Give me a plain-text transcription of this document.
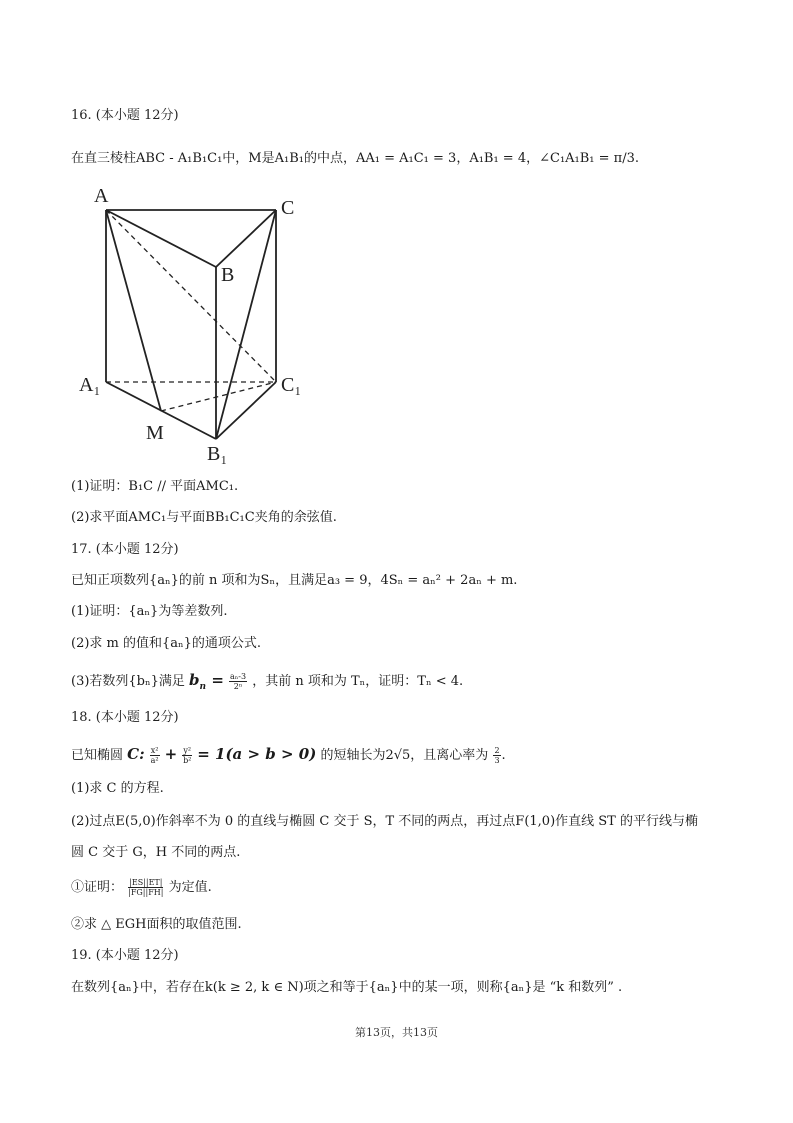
16. (本小题 12分)
在直三棱柱ABC - A₁B₁C₁中，M是A₁B₁的中点，AA₁ = A₁C₁ = 3，A₁B₁ = 4，∠C₁A₁B₁ = π/3.
A
C
B
A₁	C₁
M
B₁
(1)证明：B₁C // 平面AMC₁.
(2)求平面AMC₁与平面BB₁C₁C夹角的余弦值.
17. (本小题 12分)
已知正项数列{aₙ}的前 n 项和为Sₙ，且满足a₃ = 9，4Sₙ = aₙ² + 2aₙ + m.
(1)证明：{aₙ}为等差数列.
(2)求 m 的值和{aₙ}的通项公式.
(3)若数列{bₙ}满足 $b_n = \frac{\text{aₙ-3}}{\text{2ⁿ}}$ ，其前 n 项和为 Tₙ，证明：Tₙ < 4.
18. (本小题 12分)
已知椭圆 C: $\frac{\text{x²}}{\text{a²}} + \frac{\text{y²}}{\text{b²}} = 1(a > b > 0)$ 的短轴长为2√5，且离心率为 $\frac{2}{3}$ .
(1)求 C 的方程.
(2)过点E(5,0)作斜率不为 0 的直线与椭圆 C 交于 S，T 不同的两点，再过点F(1,0)作直线 ST 的平行线与椭
圆 C 交于 G，H 不同的两点.
①证明： $\frac{|ES||ET|}{|FG||FH|}$ 为定值.
②求 △ EGH面积的取值范围.
19. (本小题 12分)
在数列{aₙ}中，若存在k(k ≥ 2, k ∈ N)项之和等于{aₙ}中的某一项，则称{aₙ}是 “k 和数列” .
第13页，共13页
